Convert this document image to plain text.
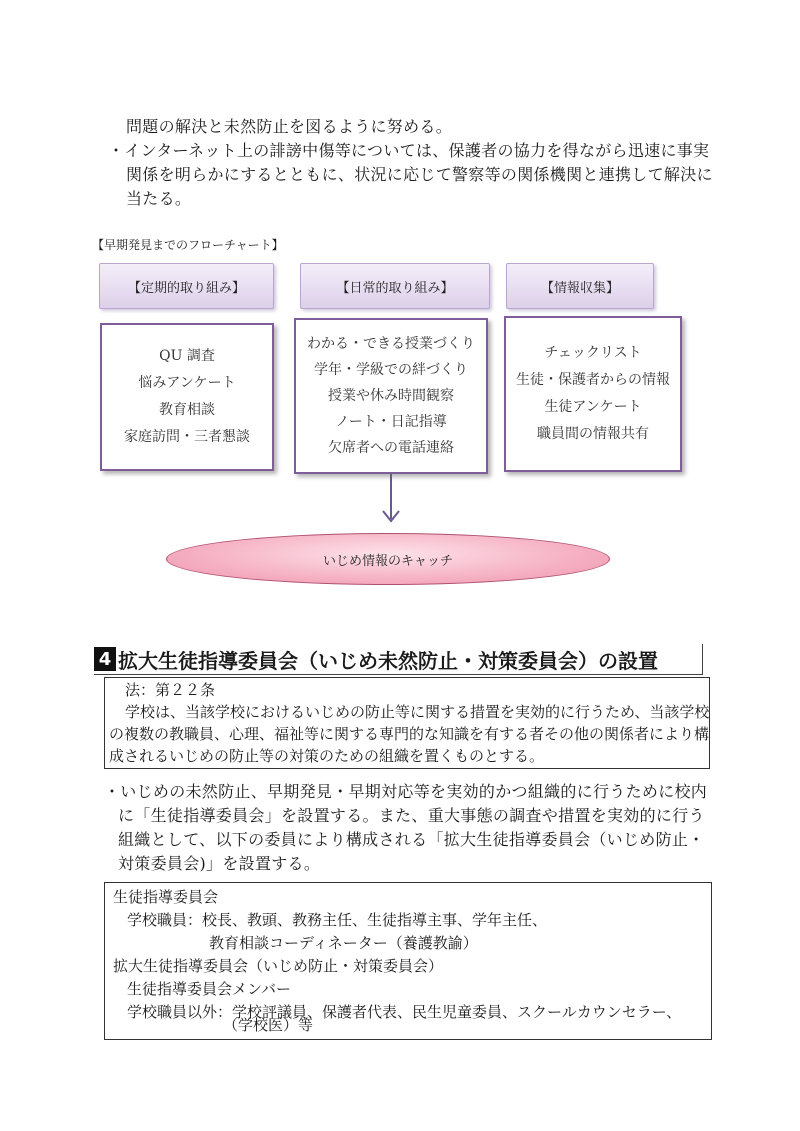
問題の解決と未然防止を図るように努める。
・インターネット上の誹謗中傷等については、保護者の協力を得ながら迅速に事実
関係を明らかにするとともに、状況に応じて警察等の関係機関と連携して解決に
当たる。
【早期発見までのフローチャート】
【定期的取り組み】	【日常的取り組み】	【情報収集】
QU 調査
悩みアンケート
教育相談
家庭訪問・三者懇談
わかる・できる授業づくり
学年・学級での絆づくり
授業や休み時間観察
ノート・日記指導
欠席者への電話連絡
チェックリスト
生徒・保護者からの情報
生徒アンケート
職員間の情報共有
いじめ情報のキャッチ
4 拡大生徒指導委員会（いじめ未然防止・対策委員会）の設置
法：第２２条
学校は、当該学校におけるいじめの防止等に関する措置を実効的に行うため、当該学校
の複数の教職員、心理、福祉等に関する専門的な知識を有する者その他の関係者により構
成されるいじめの防止等の対策のための組織を置くものとする。
・いじめの未然防止、早期発見・早期対応等を実効的かつ組織的に行うために校内
に「生徒指導委員会」を設置する。また、重大事態の調査や措置を実効的に行う
組織として、以下の委員により構成される「拡大生徒指導委員会（いじめ防止・
対策委員会)」を設置する。
生徒指導委員会
学校職員：校長、教頭、教務主任、生徒指導主事、学年主任、
教育相談コーディネーター（養護教諭）
拡大生徒指導委員会（いじめ防止・対策委員会）
生徒指導委員会メンバー
学校職員以外：学校評議員、保護者代表、民生児童委員、スクールカウンセラー、
（学校医）等
